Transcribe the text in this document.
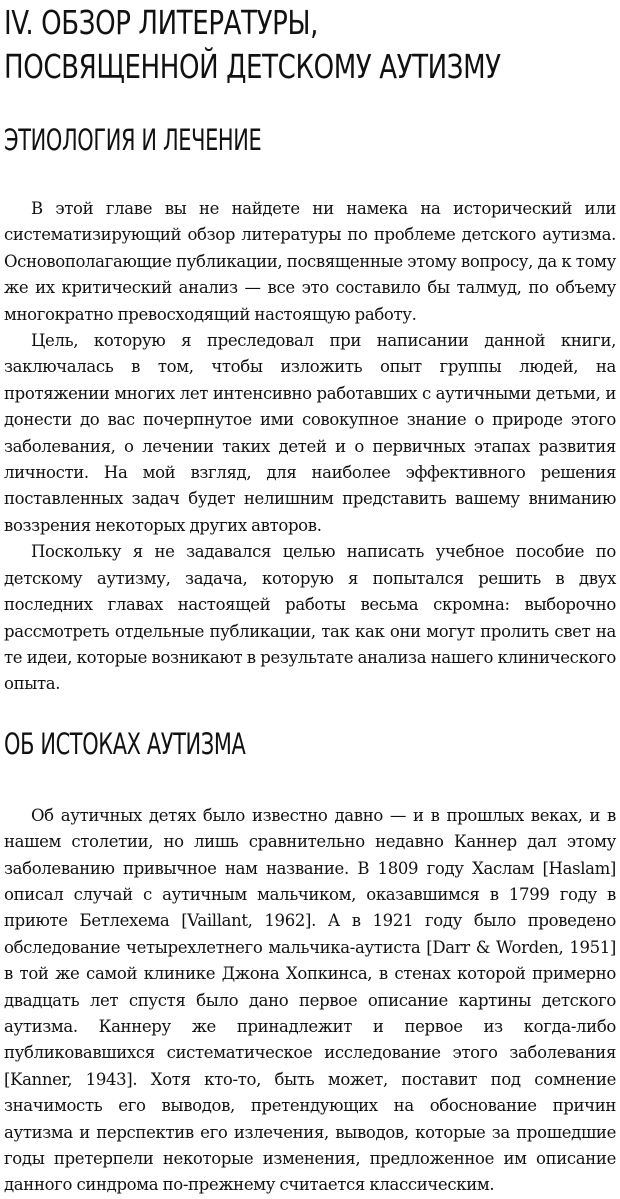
IV. ОБЗОР ЛИТЕРАТУРЫ,
ПОСВЯЩЕННОЙ ДЕТСКОМУ АУТИЗМУ
ЭТИОЛОГИЯ И ЛЕЧЕНИЕ

В этой главе вы не найдете ни намека на исторический или систематизирующий обзор литературы по проблеме детского аутизма. Основополагающие публикации, посвященные этому вопросу, да к тому же их критический анализ — все это составило бы талмуд, по объему многократно превосходящий настоящую работу.

Цель, которую я преследовал при написании данной книги, заключалась в том, чтобы изложить опыт группы людей, на протяжении многих лет интенсивно работавших с аутичными детьми, и донести до вас почерпнутое ими совокупное знание о природе этого заболевания, о лечении таких детей и о первичных этапах развития личности. На мой взгляд, для наиболее эффективного решения поставленных задач будет нелишним представить вашему вниманию воззрения некоторых других авторов.

Поскольку я не задавался целью написать учебное пособие по детскому аутизму, задача, которую я попытался решить в двух последних главах настоящей работы весьма скромна: выборочно рассмотреть отдельные публикации, так как они могут пролить свет на те идеи, которые возникают в результате анализа нашего клинического опыта.

ОБ ИСТОКАХ АУТИЗМА

Об аутичных детях было известно давно — и в прошлых веках, и в нашем столетии, но лишь сравнительно недавно Каннер дал этому заболеванию привычное нам название. В 1809 году Хаслам [Haslam] описал случай с аутичным мальчиком, оказавшимся в 1799 году в приюте Бетлехема [Vaillant, 1962]. А в 1921 году было проведено обследование четырехлетнего мальчика-аутиста [Darr & Worden, 1951] в той же самой клинике Джона Хопкинса, в стенах которой примерно двадцать лет спустя было дано первое описание картины детского аутизма. Каннеру же принадлежит и первое из когда-либо публиковавшихся систематическое исследование этого заболевания [Kanner, 1943]. Хотя кто-то, быть может, поставит под сомнение значимость его выводов, претендующих на обоснование причин аутизма и перспектив его излечения, выводов, которые за прошедшие годы претерпели некоторые изменения, предложенное им описание данного синдрома по-прежнему считается классическим.
